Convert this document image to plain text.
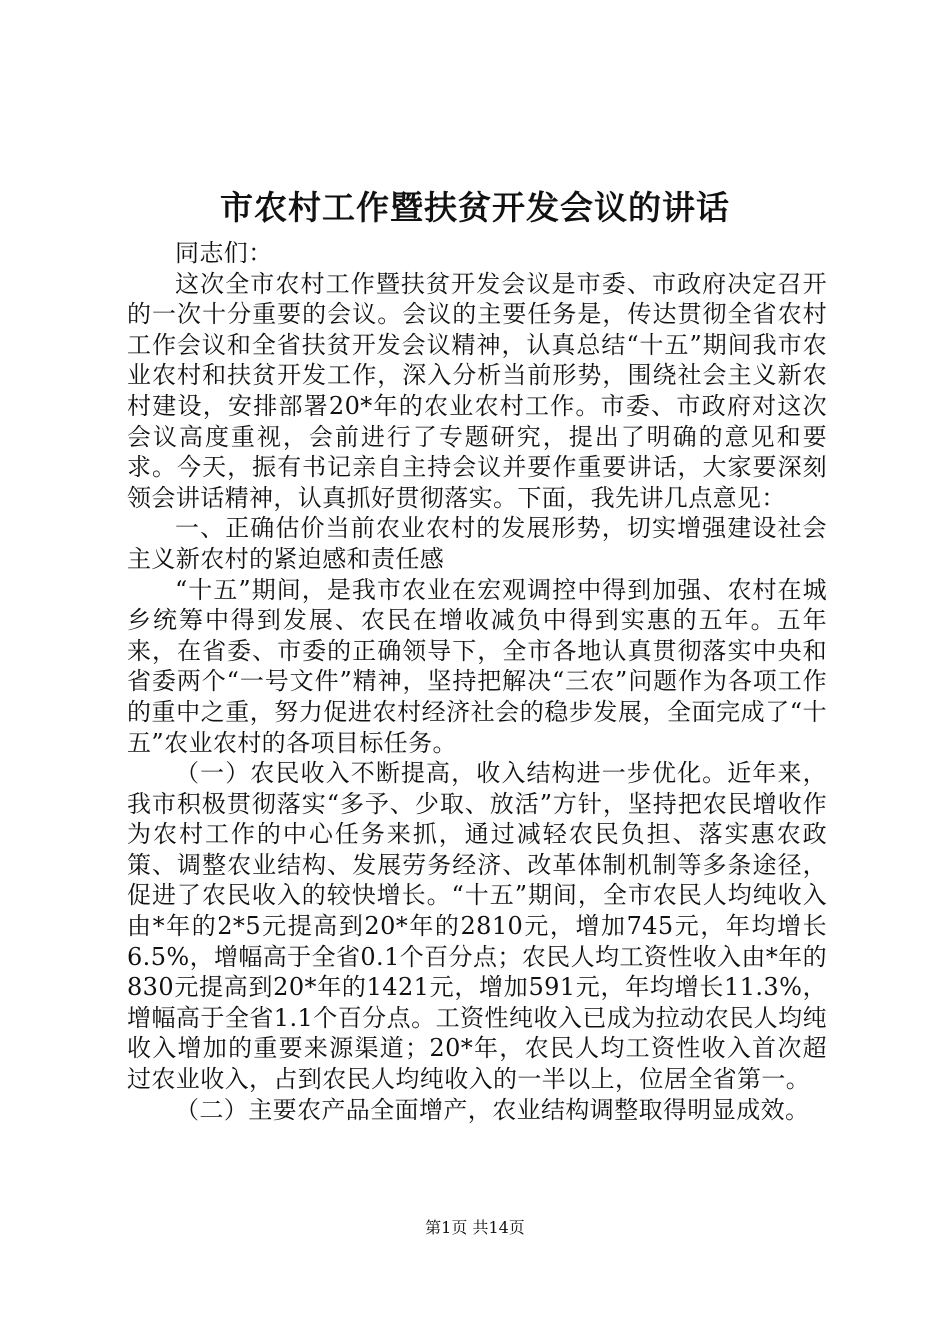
市农村工作暨扶贫开发会议的讲话

同志们：

这次全市农村工作暨扶贫开发会议是市委、市政府决定召开的一次十分重要的会议。会议的主要任务是，传达贯彻全省农村工作会议和全省扶贫开发会议精神，认真总结“十五”期间我市农业农村和扶贫开发工作，深入分析当前形势，围绕社会主义新农村建设，安排部署20*年的农业农村工作。市委、市政府对这次会议高度重视，会前进行了专题研究，提出了明确的意见和要求。今天，振有书记亲自主持会议并要作重要讲话，大家要深刻领会讲话精神，认真抓好贯彻落实。下面，我先讲几点意见：

一、正确估价当前农业农村的发展形势，切实增强建设社会主义新农村的紧迫感和责任感

“十五”期间，是我市农业在宏观调控中得到加强、农村在城乡统筹中得到发展、农民在增收减负中得到实惠的五年。五年来，在省委、市委的正确领导下，全市各地认真贯彻落实中央和省委两个“一号文件”精神，坚持把解决“三农”问题作为各项工作的重中之重，努力促进农村经济社会的稳步发展，全面完成了“十五”农业农村的各项目标任务。

（一）农民收入不断提高，收入结构进一步优化。近年来，我市积极贯彻落实“多予、少取、放活”方针，坚持把农民增收作为农村工作的中心任务来抓，通过减轻农民负担、落实惠农政策、调整农业结构、发展劳务经济、改革体制机制等多条途径，促进了农民收入的较快增长。“十五”期间，全市农民人均纯收入由*年的2*5元提高到20*年的2810元，增加745元，年均增长6.5%，增幅高于全省0.1个百分点；农民人均工资性收入由*年的830元提高到20*年的1421元，增加591元，年均增长11.3%，增幅高于全省1.1个百分点。工资性纯收入已成为拉动农民人均纯收入增加的重要来源渠道；20*年，农民人均工资性收入首次超过农业收入，占到农民人均纯收入的一半以上，位居全省第一。

（二）主要农产品全面增产，农业结构调整取得明显成效。

第1页 共14页
